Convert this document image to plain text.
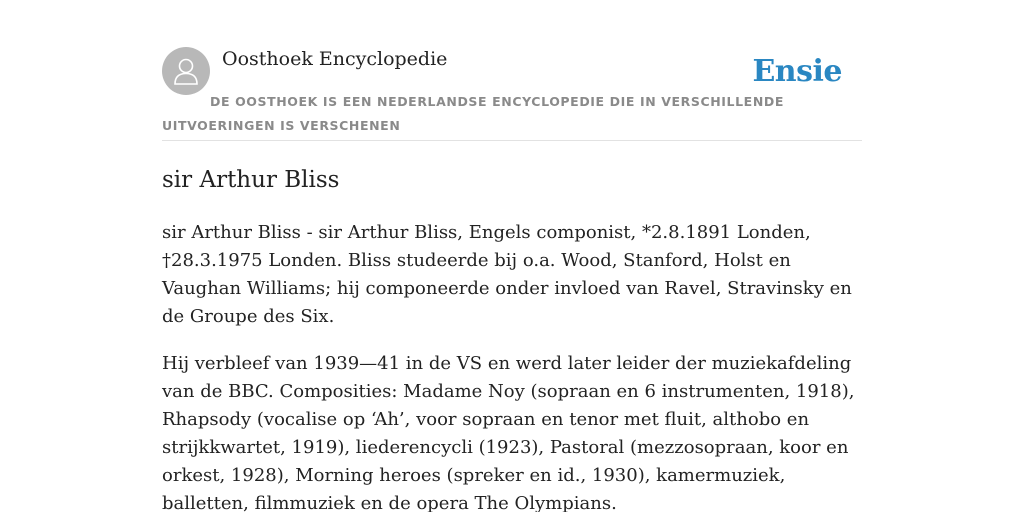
Oosthoek Encyclopedie	Ensie
DE OOSTHOEK IS EEN NEDERLANDSE ENCYCLOPEDIE DIE IN VERSCHILLENDE UITVOERINGEN IS VERSCHENEN
sir Arthur Bliss

sir Arthur Bliss - sir Arthur Bliss, Engels componist, *2.8.1891 Londen, †28.3.1975 Londen. Bliss studeerde bij o.a. Wood, Stanford, Holst en Vaughan Williams; hij componeerde onder invloed van Ravel, Stravinsky en de Groupe des Six.

Hij verbleef van 1939—41 in de VS en werd later leider der muziekafdeling van de BBC. Composities: Madame Noy (sopraan en 6 instrumenten, 1918), Rhapsody (vocalise op ‘Ah’, voor sopraan en tenor met fluit, althobo en strijkkwartet, 1919), liederencycli (1923), Pastoral (mezzosopraan, koor en orkest, 1928), Morning heroes (spreker en id., 1930), kamermuziek, balletten, filmmuziek en de opera The Olympians.
